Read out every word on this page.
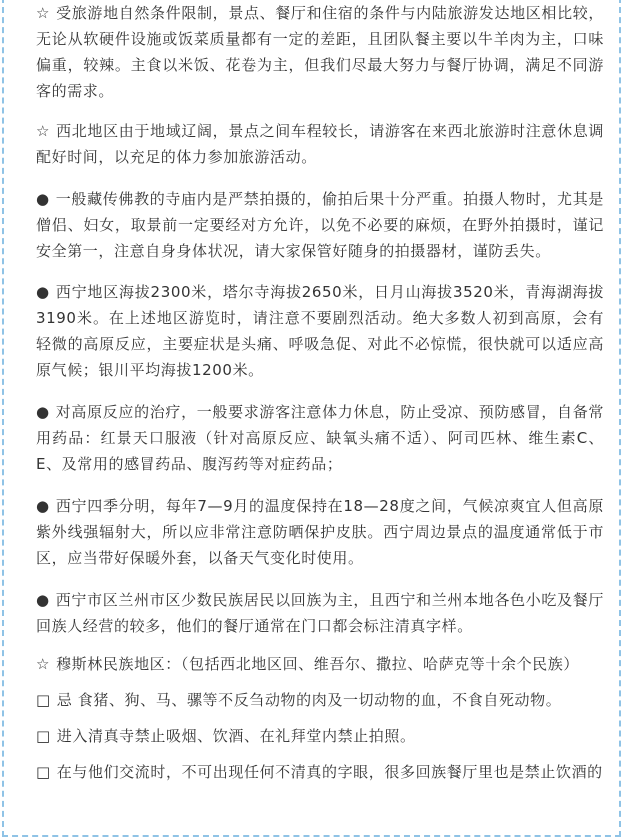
☆ 受旅游地自然条件限制，景点、餐厅和住宿的条件与内陆旅游发达地区相比较，无论从软硬件设施或饭菜质量都有一定的差距，且团队餐主要以牛羊肉为主，口味偏重，较辣。主食以米饭、花卷为主，但我们尽最大努力与餐厅协调，满足不同游客的需求。

☆ 西北地区由于地域辽阔，景点之间车程较长，请游客在来西北旅游时注意休息调配好时间，以充足的体力参加旅游活动。

● 一般藏传佛教的寺庙内是严禁拍摄的，偷拍后果十分严重。拍摄人物时，尤其是僧侣、妇女，取景前一定要经对方允许，以免不必要的麻烦，在野外拍摄时，谨记安全第一，注意自身身体状况，请大家保管好随身的拍摄器材，谨防丢失。

● 西宁地区海拔2300米，塔尔寺海拔2650米，日月山海拔3520米，青海湖海拔3190米。在上述地区游览时，请注意不要剧烈活动。绝大多数人初到高原，会有轻微的高原反应，主要症状是头痛、呼吸急促、对此不必惊慌，很快就可以适应高原气候；银川平均海拔1200米。

● 对高原反应的治疗，一般要求游客注意体力休息，防止受凉、预防感冒，自备常用药品：红景天口服液（针对高原反应、缺氧头痛不适）、阿司匹林、维生素C、E、及常用的感冒药品、腹泻药等对症药品；

● 西宁四季分明，每年7—9月的温度保持在18—28度之间，气候凉爽宜人但高原紫外线强辐射大，所以应非常注意防晒保护皮肤。西宁周边景点的温度通常低于市区，应当带好保暖外套，以备天气变化时使用。

● 西宁市区兰州市区少数民族居民以回族为主，且西宁和兰州本地各色小吃及餐厅回族人经营的较多，他们的餐厅通常在门口都会标注清真字样。

☆ 穆斯林民族地区：（包括西北地区回、维吾尔、撒拉、哈萨克等十余个民族）

□ 忌 食猪、狗、马、骡等不反刍动物的肉及一切动物的血，不食自死动物。

□ 进入清真寺禁止吸烟、饮酒、在礼拜堂内禁止拍照。

□ 在与他们交流时，不可出现任何不清真的字眼，很多回族餐厅里也是禁止饮酒的
